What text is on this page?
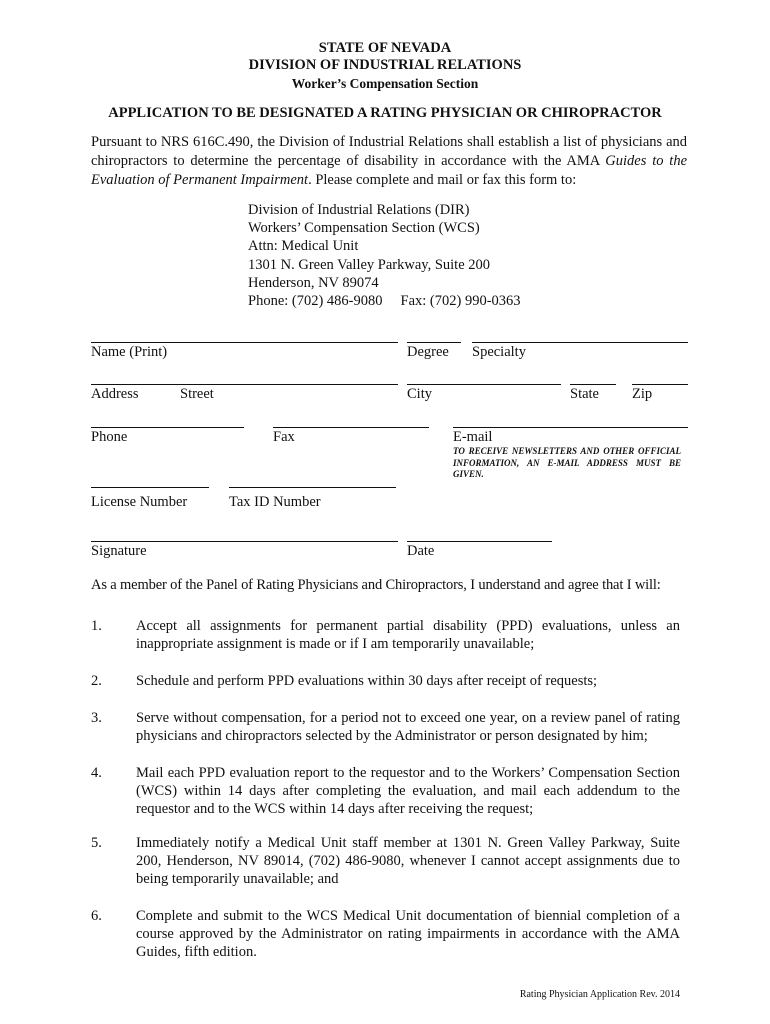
STATE OF NEVADA
DIVISION OF INDUSTRIAL RELATIONS
Worker’s Compensation Section
APPLICATION TO BE DESIGNATED A RATING PHYSICIAN OR CHIROPRACTOR
Pursuant to NRS 616C.490, the Division of Industrial Relations shall establish a list of physicians and chiropractors to determine the percentage of disability in accordance with the AMA Guides to the Evaluation of Permanent Impairment. Please complete and mail or fax this form to:
Division of Industrial Relations (DIR)
Workers’ Compensation Section (WCS)
Attn: Medical Unit
1301 N. Green Valley Parkway, Suite 200
Henderson, NV 89074
Phone: (702) 486-9080 Fax: (702) 990-0363
Name (Print)	Degree Specialty
Address	Street	City	State Zip
Phone	Fax	E-mail
TO RECEIVE NEWSLETTERS AND OTHER OFFICIAL INFORMATION, AN E-MAIL ADDRESS MUST BE GIVEN.
License Number	Tax ID Number
Signature	Date
As a member of the Panel of Rating Physicians and Chiropractors, I understand and agree that I will:
1. Accept all assignments for permanent partial disability (PPD) evaluations, unless an inappropriate assignment is made or if I am temporarily unavailable;
2. Schedule and perform PPD evaluations within 30 days after receipt of requests;
3. Serve without compensation, for a period not to exceed one year, on a review panel of rating physicians and chiropractors selected by the Administrator or person designated by him;
4. Mail each PPD evaluation report to the requestor and to the Workers’ Compensation Section (WCS) within 14 days after completing the evaluation, and mail each addendum to the requestor and to the WCS within 14 days after receiving the request;
5. Immediately notify a Medical Unit staff member at 1301 N. Green Valley Parkway, Suite 200, Henderson, NV 89014, (702) 486-9080, whenever I cannot accept assignments due to being temporarily unavailable; and
6. Complete and submit to the WCS Medical Unit documentation of biennial completion of a course approved by the Administrator on rating impairments in accordance with the AMA Guides, fifth edition.
Rating Physician Application Rev. 2014
